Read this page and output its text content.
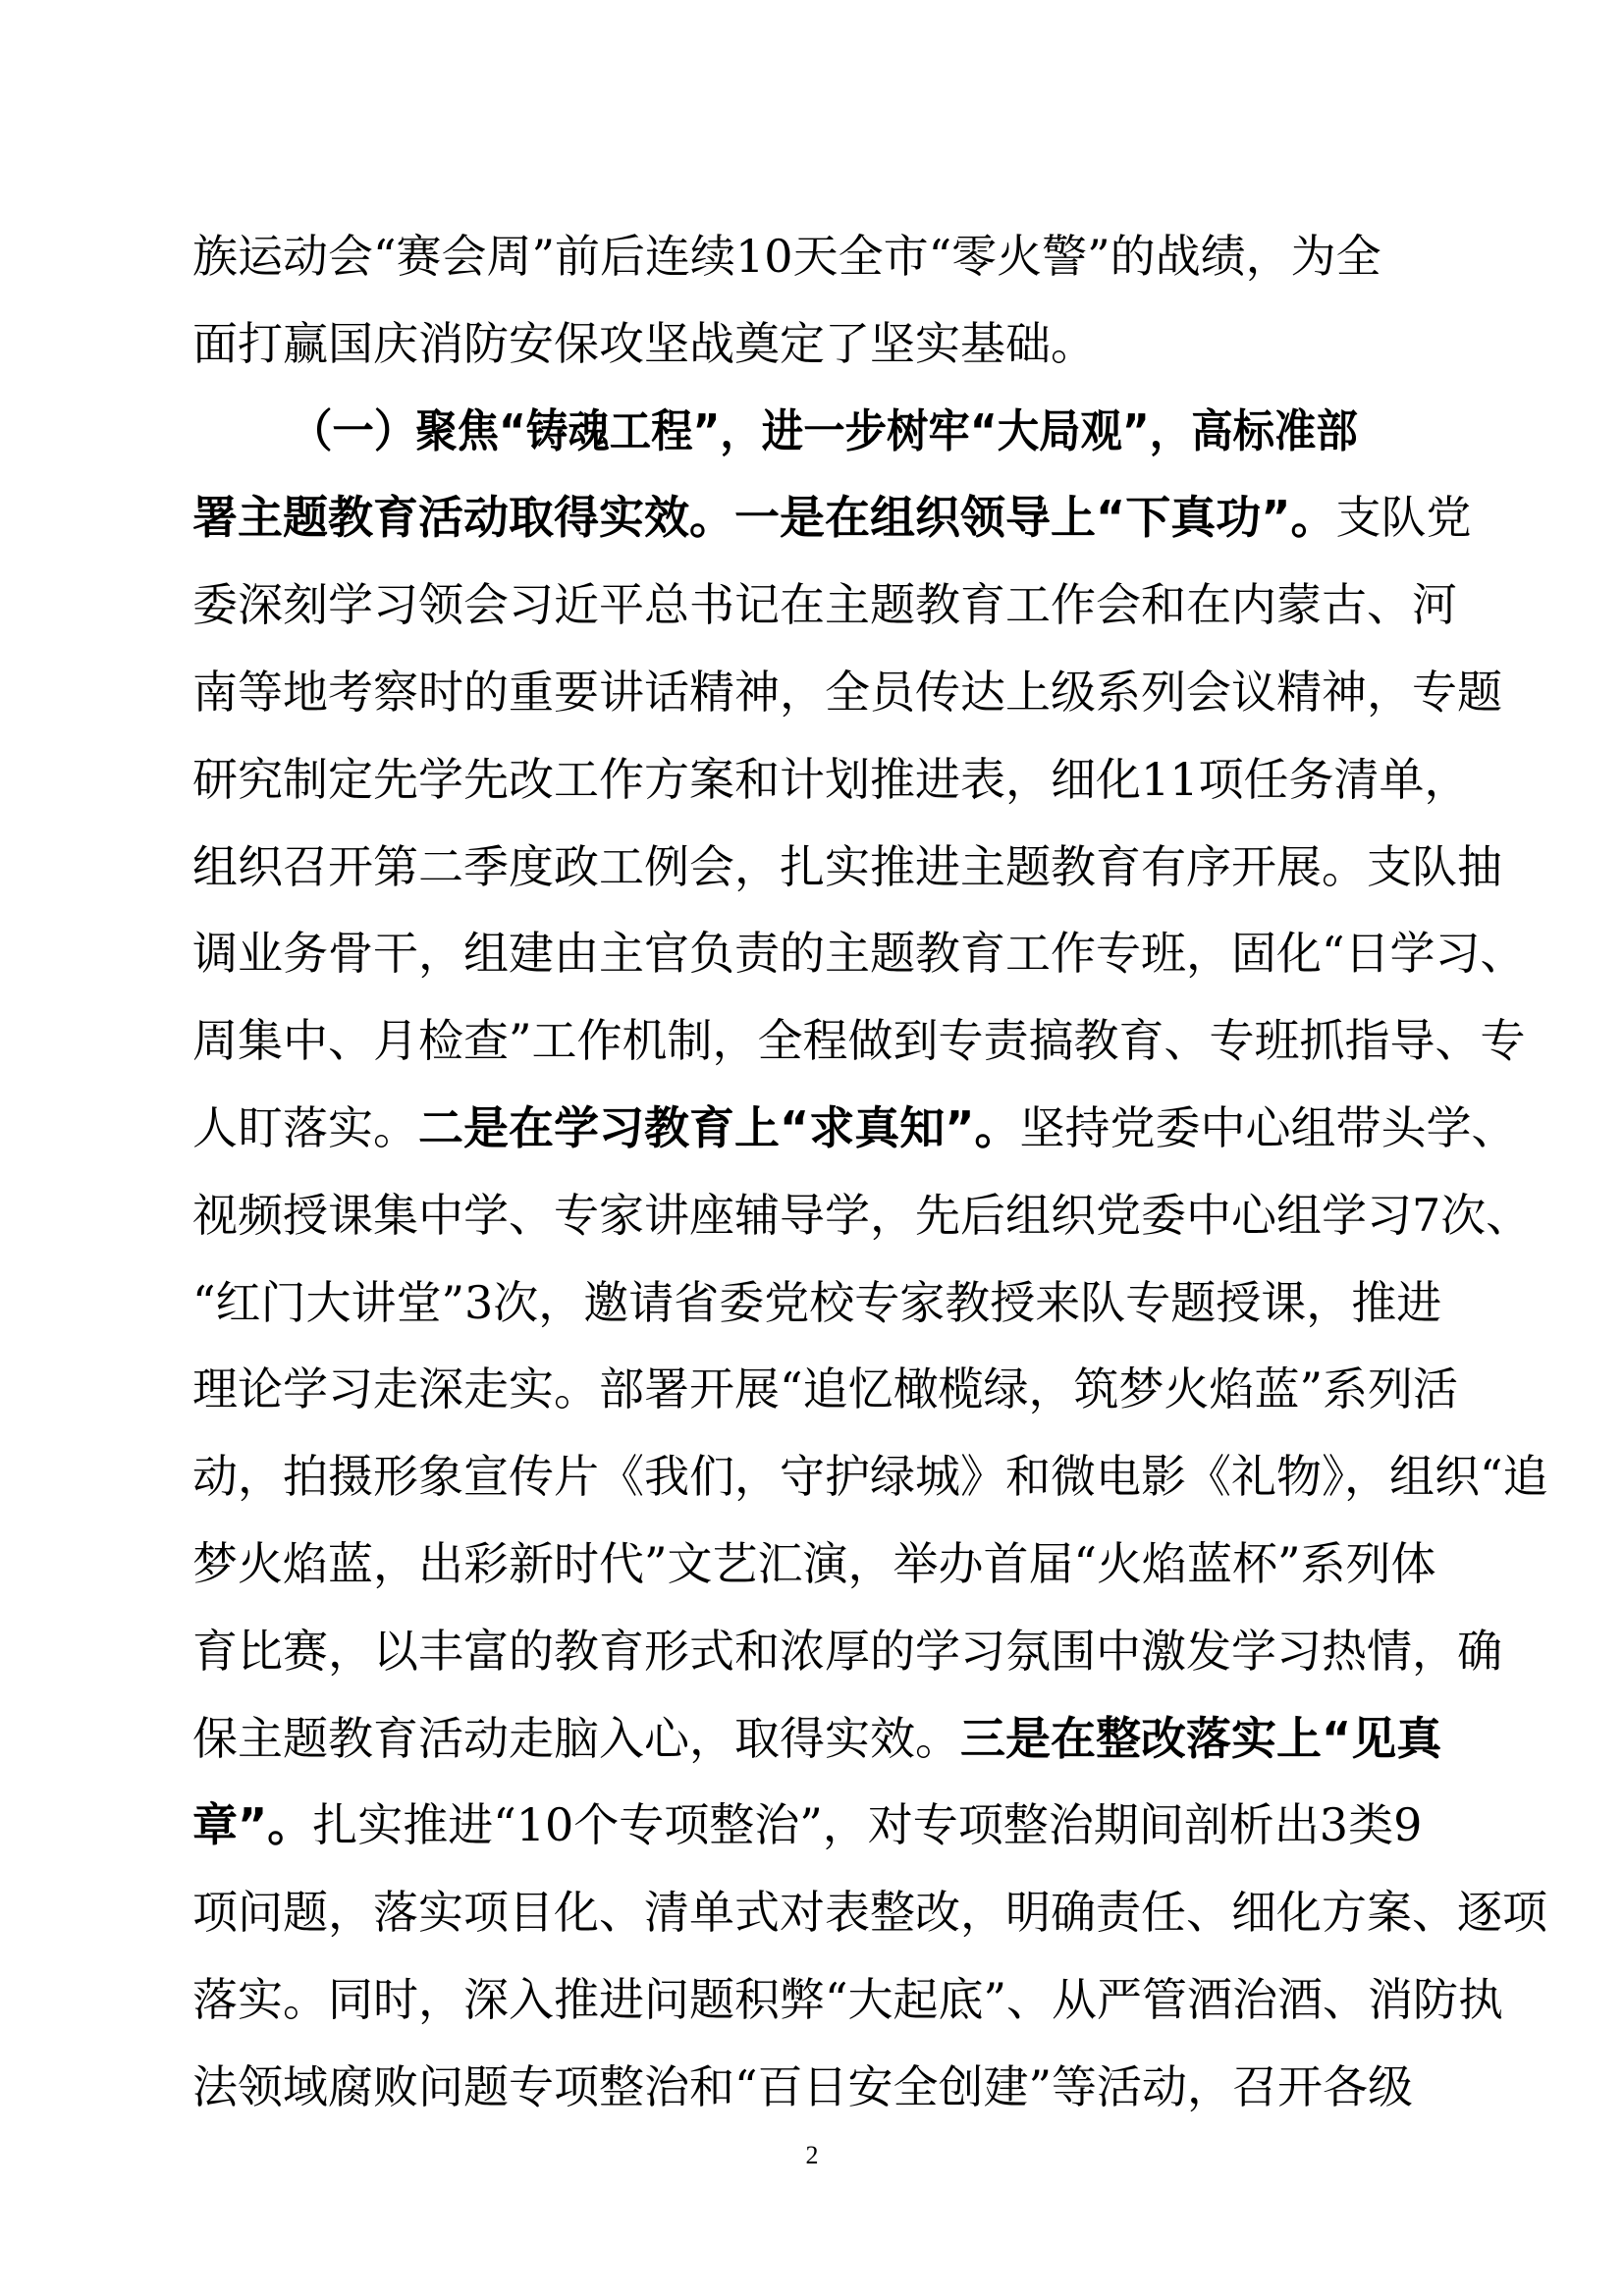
族运动会“赛会周”前后连续10天全市“零火警”的战绩，为全
面打赢国庆消防安保攻坚战奠定了坚实基础。
（一）聚焦“铸魂工程”，进一步树牢“大局观”，高标准部
署主题教育活动取得实效。一是在组织领导上“下真功”。支队党
委深刻学习领会习近平总书记在主题教育工作会和在内蒙古、河
南等地考察时的重要讲话精神，全员传达上级系列会议精神，专题
研究制定先学先改工作方案和计划推进表，细化11项任务清单，
组织召开第二季度政工例会，扎实推进主题教育有序开展。支队抽
调业务骨干，组建由主官负责的主题教育工作专班，固化“日学习、
周集中、月检查”工作机制，全程做到专责搞教育、专班抓指导、专
人盯落实。二是在学习教育上“求真知”。坚持党委中心组带头学、
视频授课集中学、专家讲座辅导学，先后组织党委中心组学习7次、
“红门大讲堂”3次，邀请省委党校专家教授来队专题授课，推进
理论学习走深走实。部署开展“追忆橄榄绿，筑梦火焰蓝”系列活
动，拍摄形象宣传片《我们，守护绿城》和微电影《礼物》，组织“追
梦火焰蓝，出彩新时代”文艺汇演，举办首届“火焰蓝杯”系列体
育比赛，以丰富的教育形式和浓厚的学习氛围中激发学习热情，确
保主题教育活动走脑入心，取得实效。三是在整改落实上“见真
章”。扎实推进“10个专项整治”，对专项整治期间剖析出3类9
项问题，落实项目化、清单式对表整改，明确责任、细化方案、逐项
落实。同时，深入推进问题积弊“大起底”、从严管酒治酒、消防执
法领域腐败问题专项整治和“百日安全创建”等活动，召开各级
2
